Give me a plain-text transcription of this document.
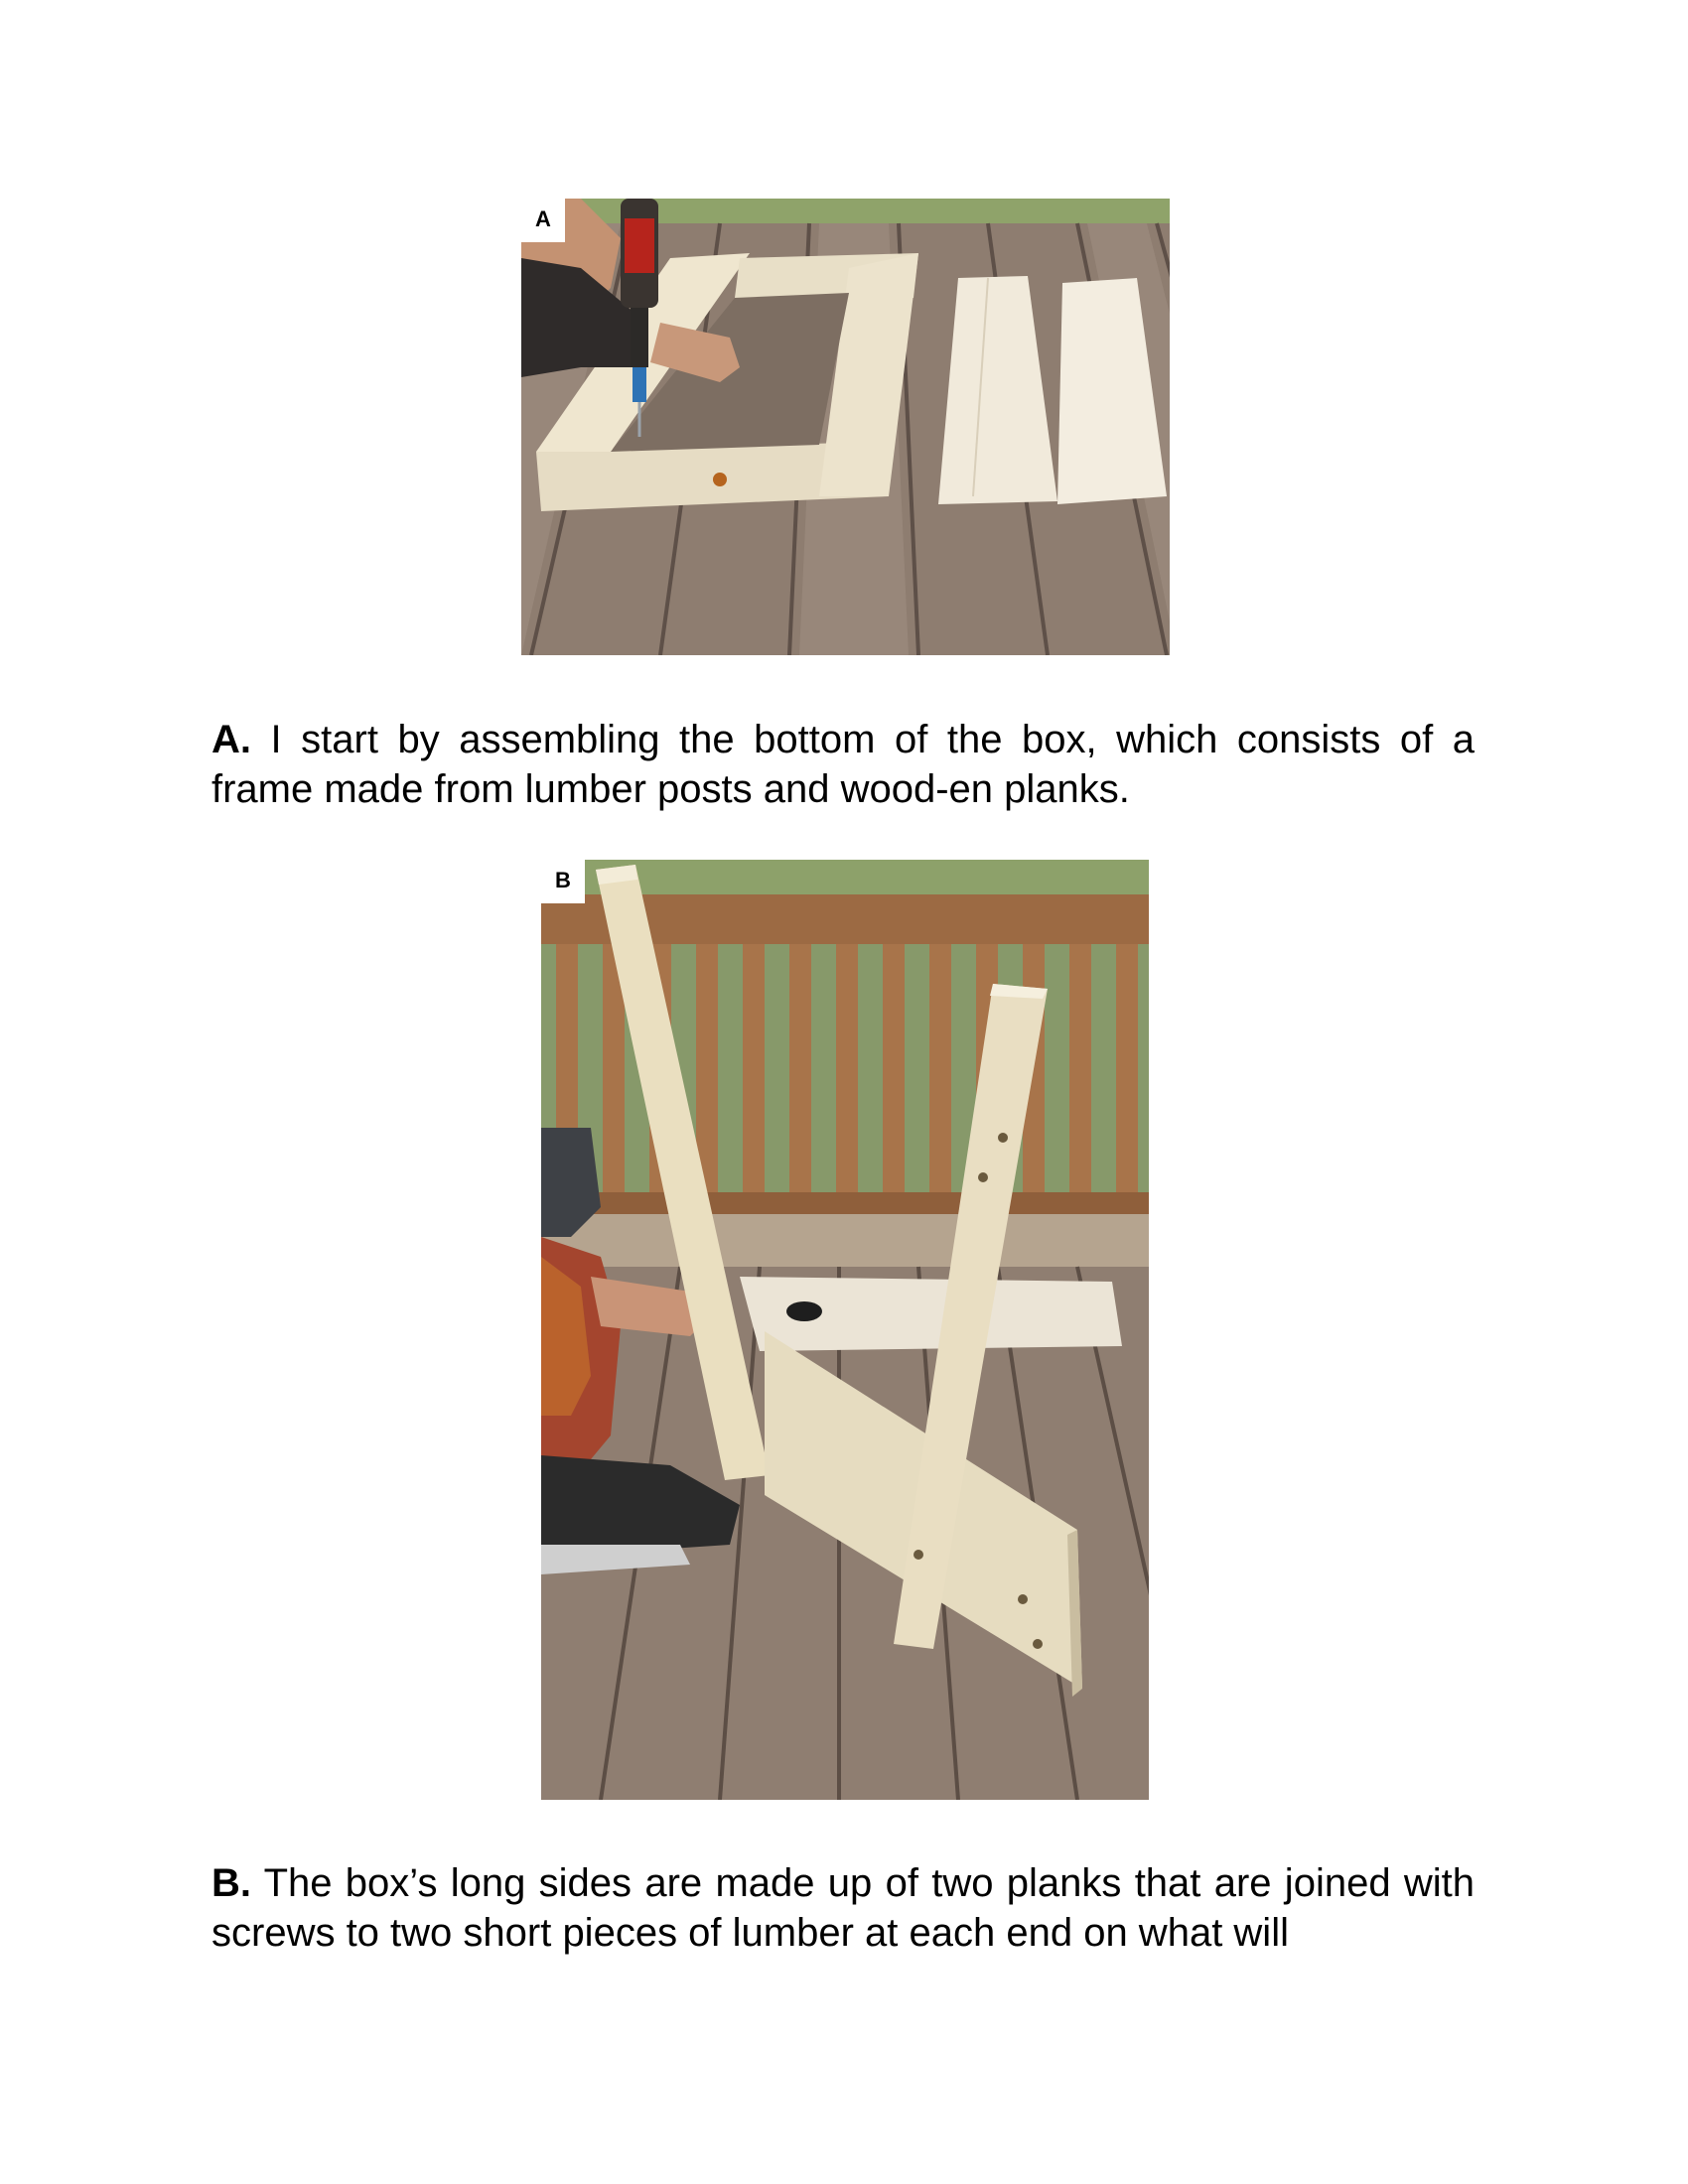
A

A. I start by assembling the bottom of the box, which consists of a frame made from lumber posts and wood-en planks.

B

B. The box’s long sides are made up of two planks that are joined with screws to two short pieces of lumber at each end on what will
